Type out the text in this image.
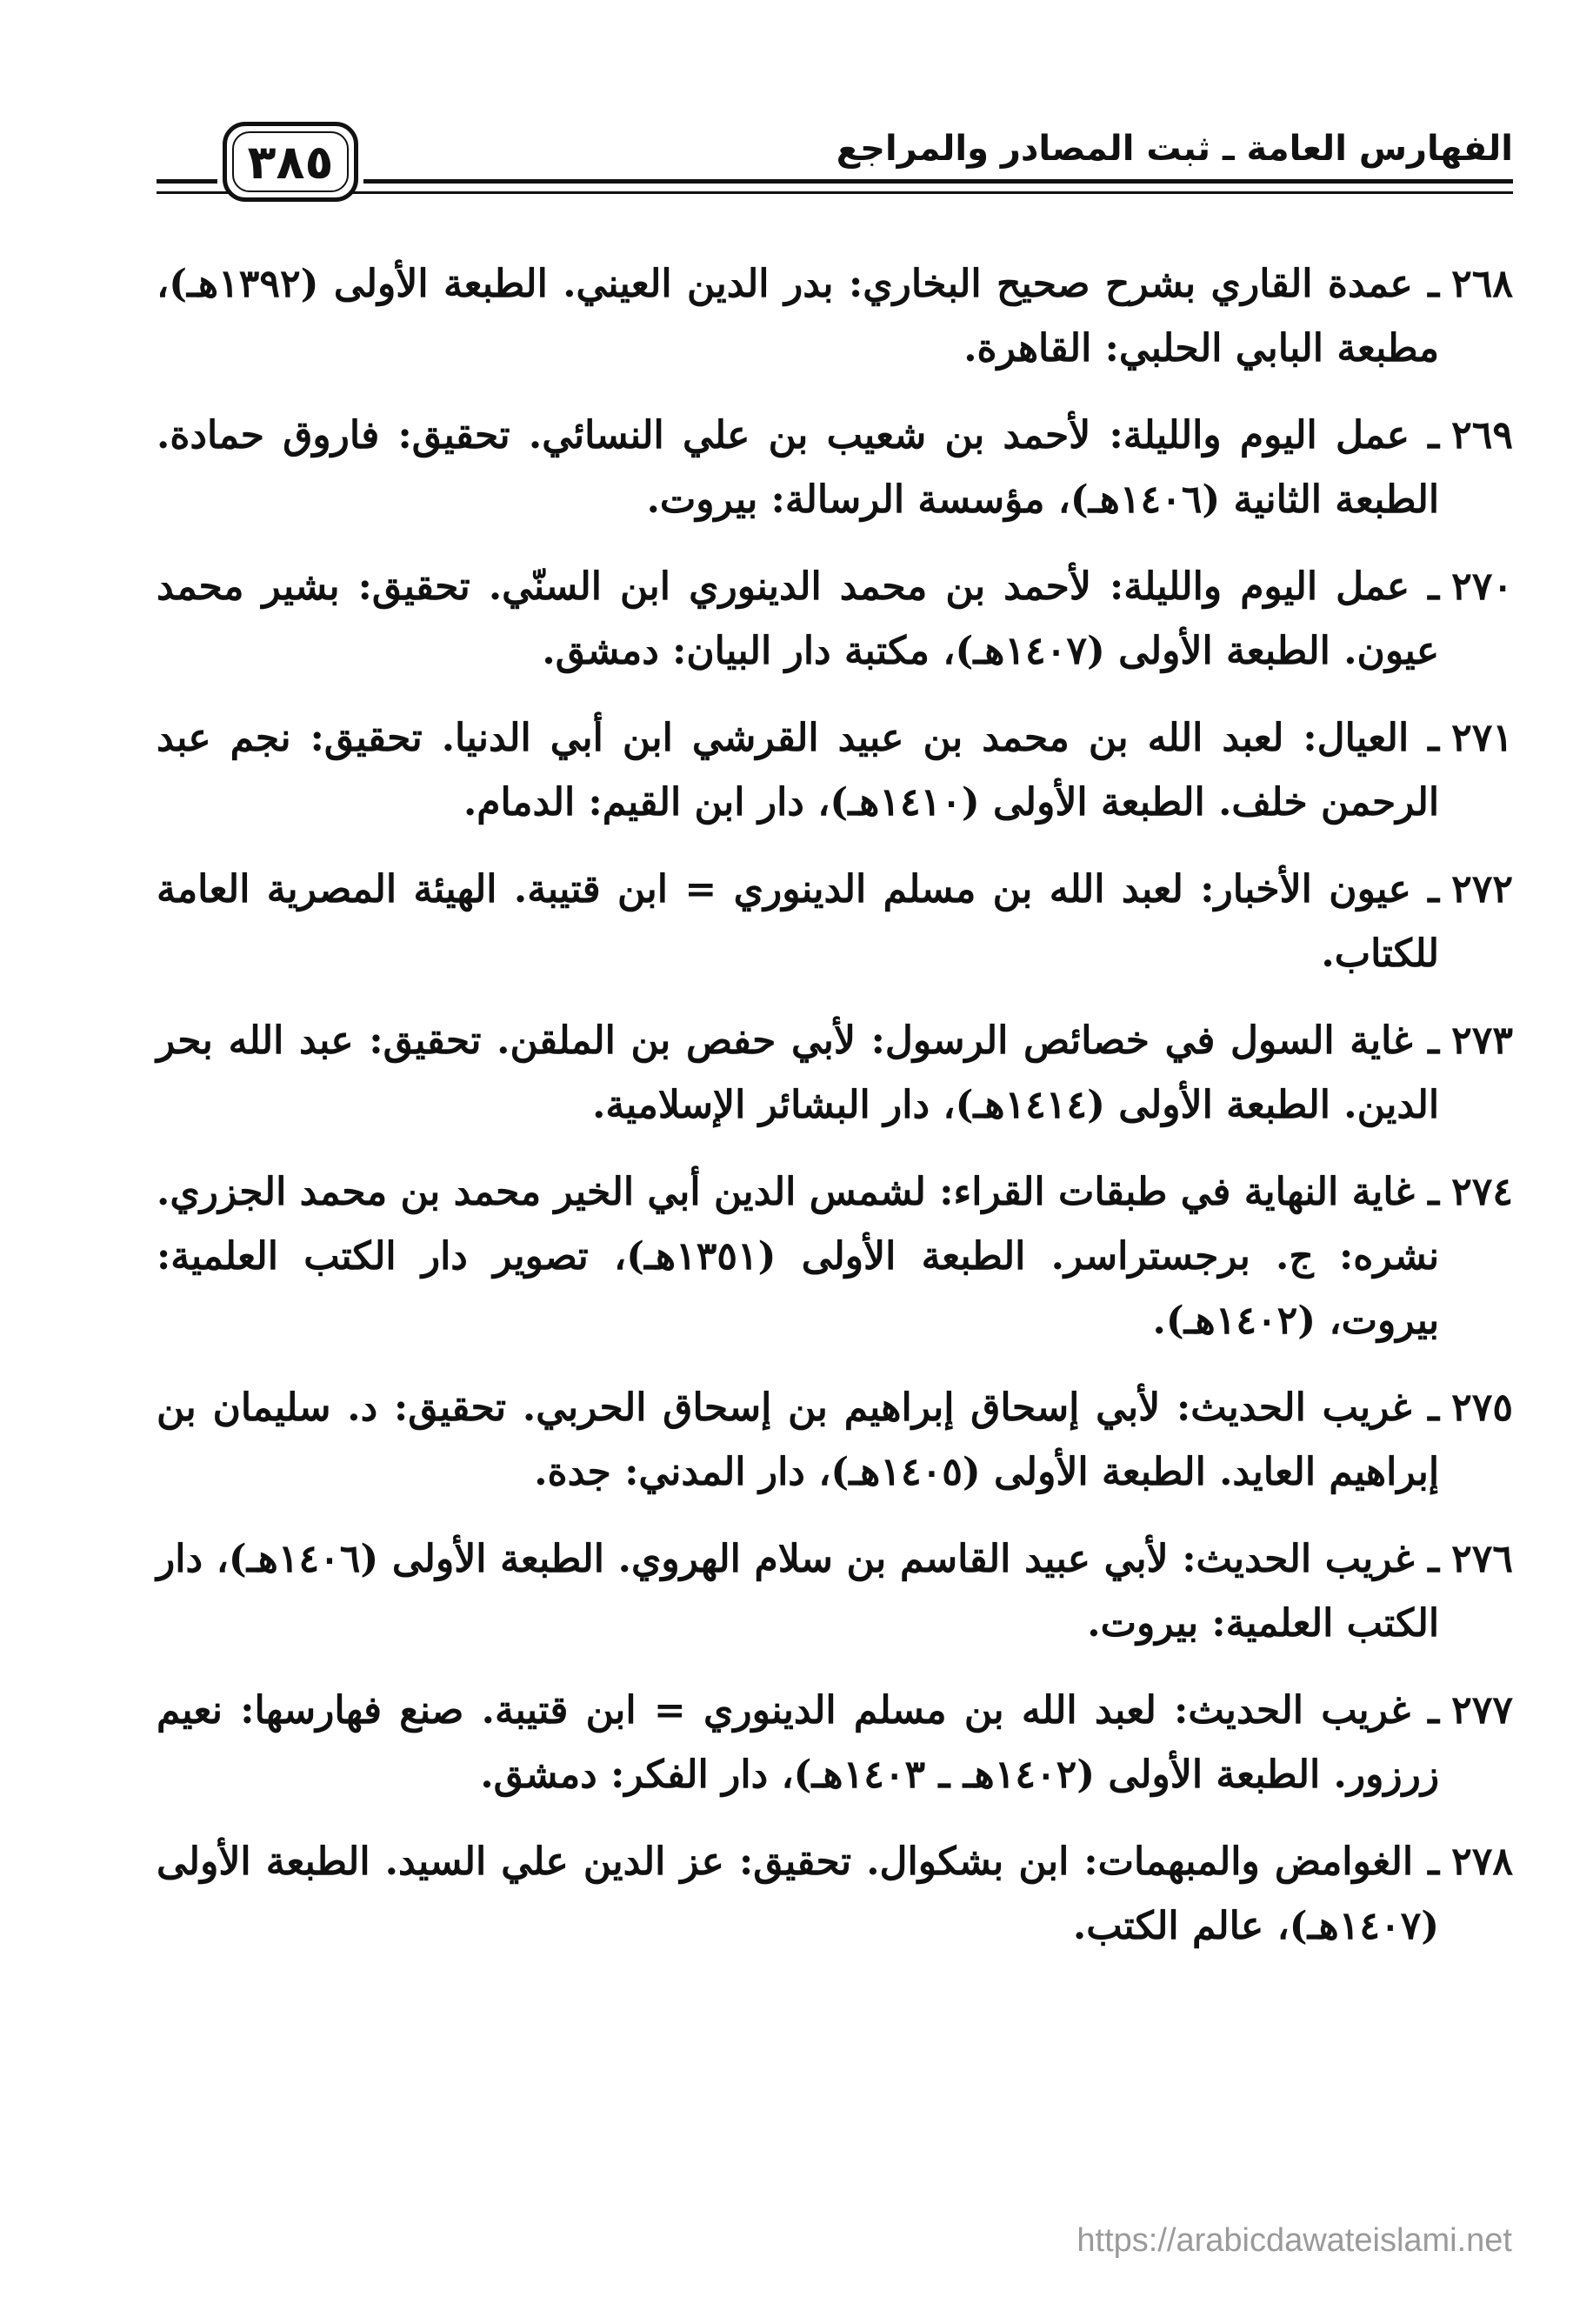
الفهارس العامة ـ ثبت المصادر والمراجع
٣٨٥
٢٦٨

ـ عمدة القاري بشرح صحيح البخاري: بدر الدين العيني. الطبعة الأولى (١٣٩٢هـ)، مطبعة البابي الحلبي: القاهرة.

٢٦٩

ـ عمل اليوم والليلة: لأحمد بن شعيب بن علي النسائي. تحقيق: فاروق حمادة. الطبعة الثانية (١٤٠٦هـ)، مؤسسة الرسالة: بيروت.

٢٧٠

ـ عمل اليوم والليلة: لأحمد بن محمد الدينوري ابن السنّي. تحقيق: بشير محمد عيون. الطبعة الأولى (١٤٠٧هـ)، مكتبة دار البيان: دمشق.

٢٧١

ـ العيال: لعبد الله بن محمد بن عبيد القرشي ابن أبي الدنيا. تحقيق: نجم عبد الرحمن خلف. الطبعة الأولى (١٤١٠هـ)، دار ابن القيم: الدمام.

٢٧٢

ـ عيون الأخبار: لعبد الله بن مسلم الدينوري = ابن قتيبة. الهيئة المصرية العامة للكتاب.

٢٧٣

ـ غاية السول في خصائص الرسول: لأبي حفص بن الملقن. تحقيق: عبد الله بحر الدين. الطبعة الأولى (١٤١٤هـ)، دار البشائر الإسلامية.

٢٧٤

ـ غاية النهاية في طبقات القراء: لشمس الدين أبي الخير محمد بن محمد الجزري. نشره: ج. برجستراسر. الطبعة الأولى (١٣٥١هـ)، تصوير دار الكتب العلمية: بيروت، (١٤٠٢هـ).

٢٧٥

ـ غريب الحديث: لأبي إسحاق إبراهيم بن إسحاق الحربي. تحقيق: د. سليمان بن إبراهيم العايد. الطبعة الأولى (١٤٠٥هـ)، دار المدني: جدة.

٢٧٦

ـ غريب الحديث: لأبي عبيد القاسم بن سلام الهروي. الطبعة الأولى (١٤٠٦هـ)، دار الكتب العلمية: بيروت.

٢٧٧

ـ غريب الحديث: لعبد الله بن مسلم الدينوري = ابن قتيبة. صنع فهارسها: نعيم زرزور. الطبعة الأولى (١٤٠٢هـ ـ ١٤٠٣هـ)، دار الفكر: دمشق.

٢٧٨

ـ الغوامض والمبهمات: ابن بشكوال. تحقيق: عز الدين علي السيد. الطبعة الأولى (١٤٠٧هـ)، عالم الكتب.

https://arabicdawateislami.net
